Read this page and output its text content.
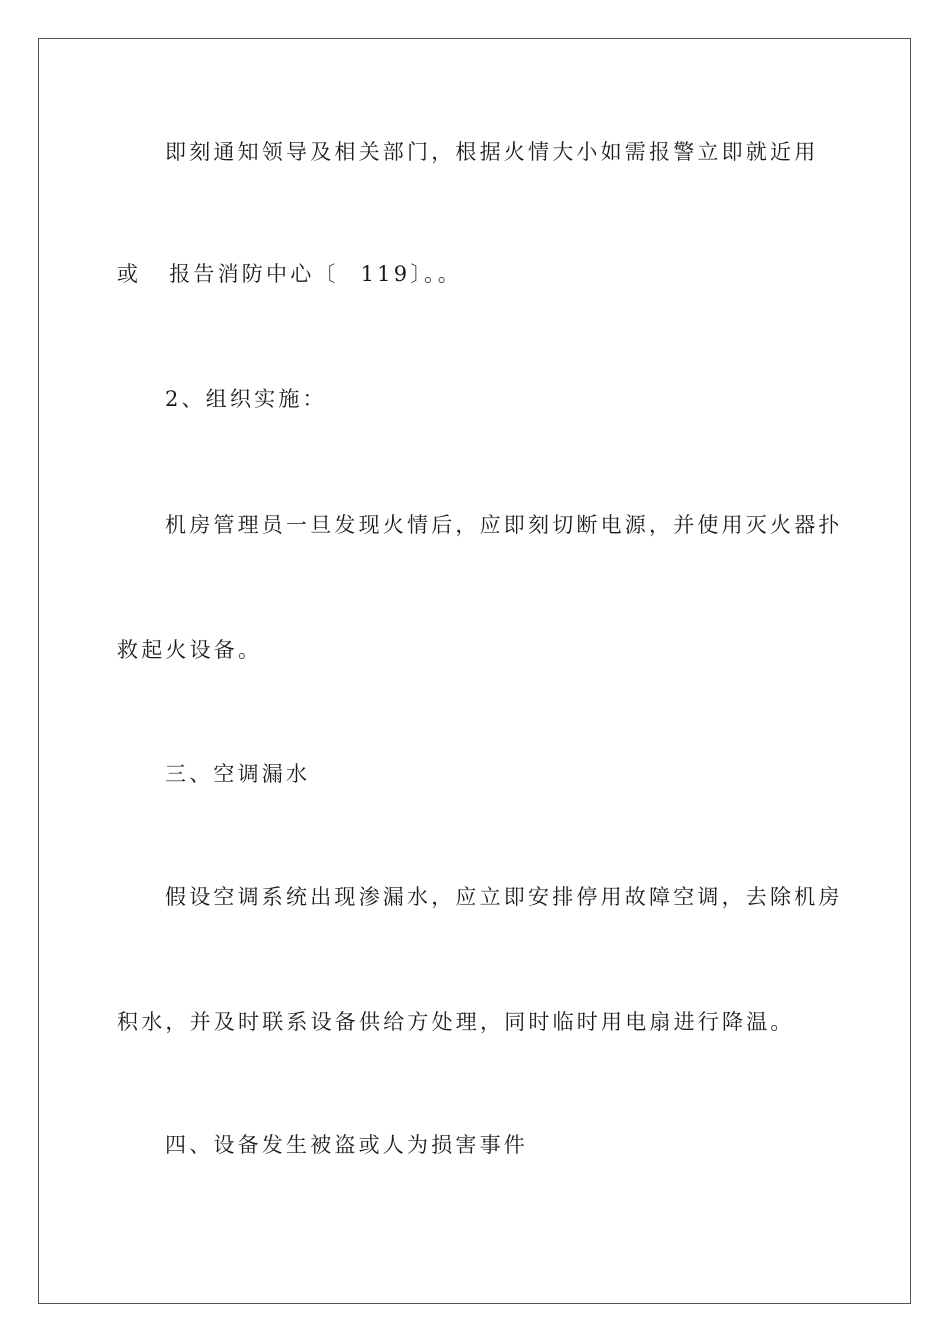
即刻通知领导及相关部门，根据火情大小如需报警立即就近用
或 报告消防中心〔 119〕。。
2、组织实施：
机房管理员一旦发现火情后，应即刻切断电源，并使用灭火器扑
救起火设备。
三、空调漏水
假设空调系统出现渗漏水，应立即安排停用故障空调，去除机房
积水，并及时联系设备供给方处理，同时临时用电扇进行降温。
四、设备发生被盗或人为损害事件
